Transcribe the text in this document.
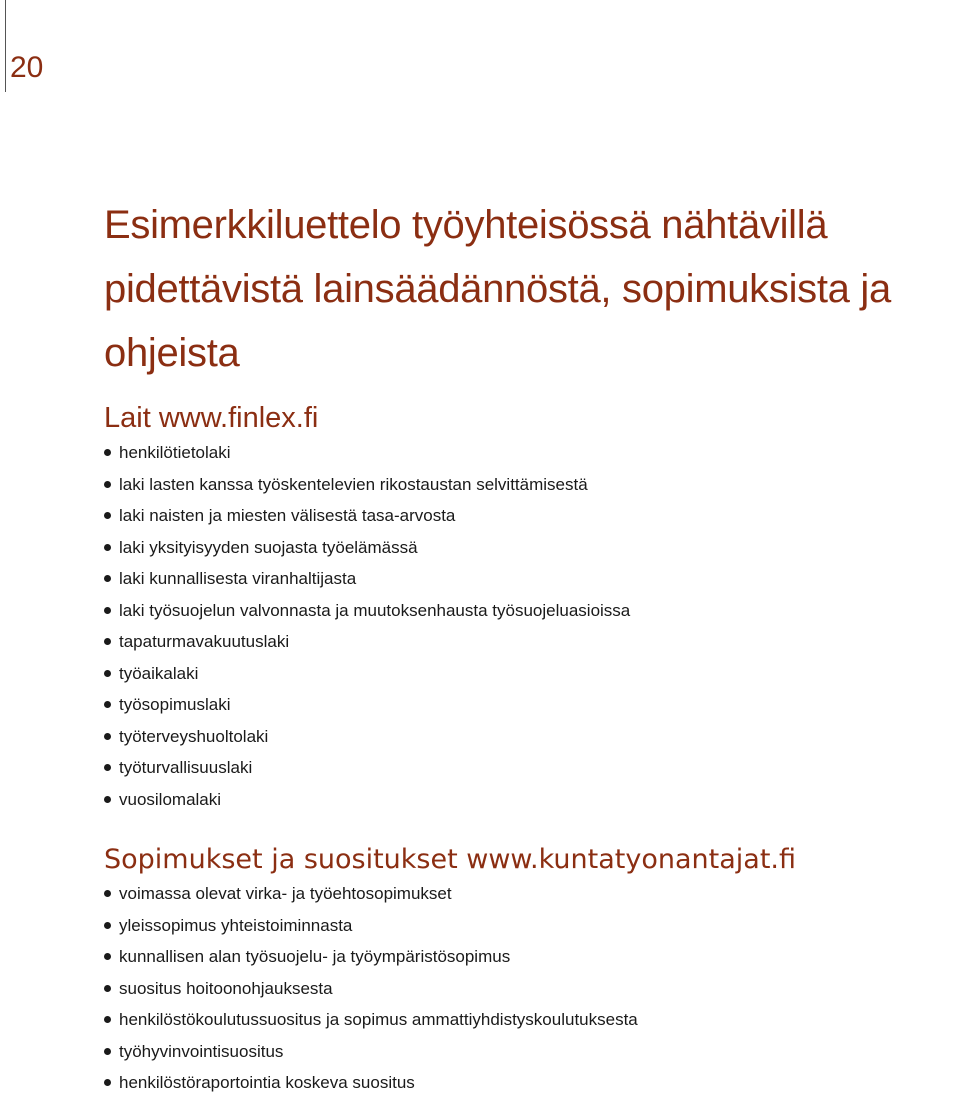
20
Esimerkkiluettelo työyhteisössä nähtävillä pidettävistä lainsäädännöstä, sopimuksista ja ohjeista
Lait www.finlex.fi
henkilötietolaki
laki lasten kanssa työskentelevien rikostaustan selvittämisestä
laki naisten ja miesten välisestä tasa-arvosta
laki yksityisyyden suojasta työelämässä
laki kunnallisesta viranhaltijasta
laki työsuojelun valvonnasta ja muutoksenhausta työsuojeluasioissa
tapaturmavakuutuslaki
työaikalaki
työsopimuslaki
työterveyshuoltolaki
työturvallisuuslaki
vuosilomalaki
Sopimukset ja suositukset www.kuntatyonantajat.fi
voimassa olevat virka- ja työehtosopimukset
yleissopimus yhteistoiminnasta
kunnallisen alan työsuojelu- ja työympäristösopimus
suositus hoitoonohjauksesta
henkilöstökoulutussuositus ja sopimus ammattiyhdistyskoulutuksesta
työhyvinvointisuositus
henkilöstöraportointia koskeva suositus
